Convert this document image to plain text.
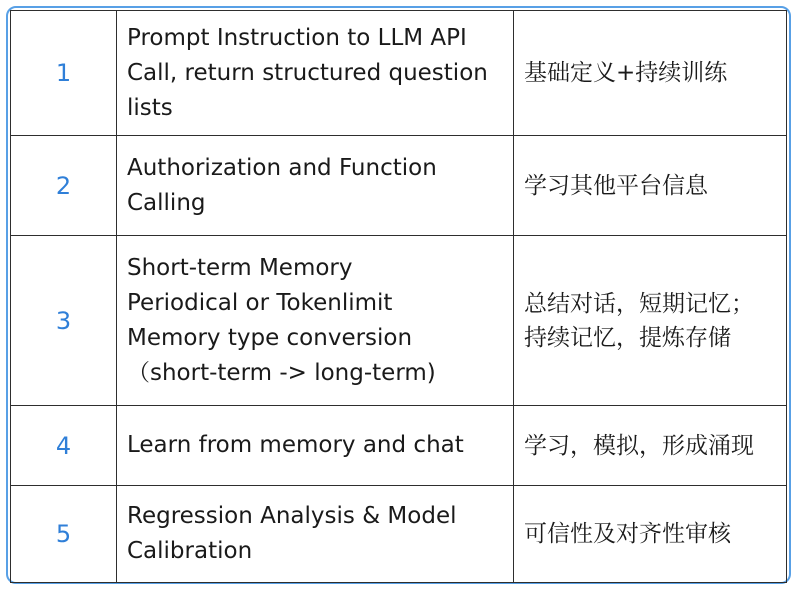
1	Prompt Instruction to LLM API
Call, return structured question
lists	基础定义+持续训练

2	Authorization and Function
Calling	学习其他平台信息

3	Short-term Memory
Periodical or Tokenlimit
Memory type conversion
（short-term -> long-term)	总结对话，短期记忆；
持续记忆，提炼存储

4	Learn from memory and chat	学习，模拟，形成涌现

5	Regression Analysis & Model
Calibration	可信性及对齐性审核
